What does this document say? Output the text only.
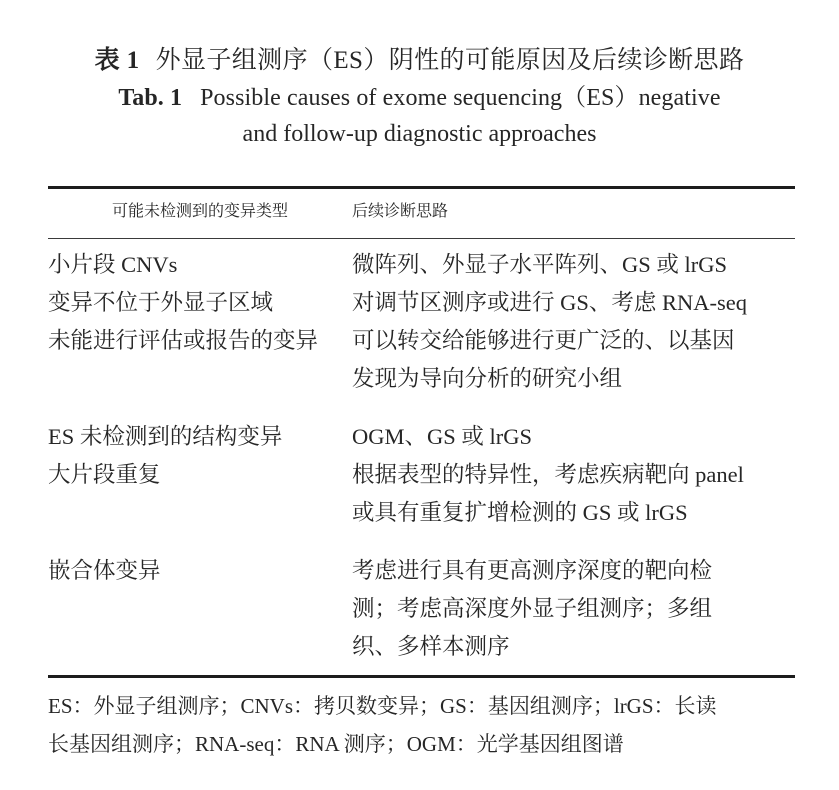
表 1 外显子组测序（ES）阴性的可能原因及后续诊断思路
Tab. 1 Possible causes of exome sequencing（ES）negative
and follow-up diagnostic approaches
可能未检测到的变异类型	后续诊断思路
小片段 CNVs	微阵列、外显子水平阵列、GS 或 lrGS

变异不位于外显子区域	对调节区测序或进行 GS、考虑 RNA-seq

未能进行评估或报告的变异	可以转交给能够进行更广泛的、以基因
发现为导向分析的研究小组

ES 未检测到的结构变异	OGM、GS 或 lrGS

大片段重复	根据表型的特异性，考虑疾病靶向 panel
或具有重复扩增检测的 GS 或 lrGS

嵌合体变异	考虑进行具有更高测序深度的靶向检
测；考虑高深度外显子组测序；多组
织、多样本测序
ES：外显子组测序；CNVs：拷贝数变异；GS：基因组测序；lrGS：长读
长基因组测序；RNA-seq：RNA 测序；OGM：光学基因组图谱
